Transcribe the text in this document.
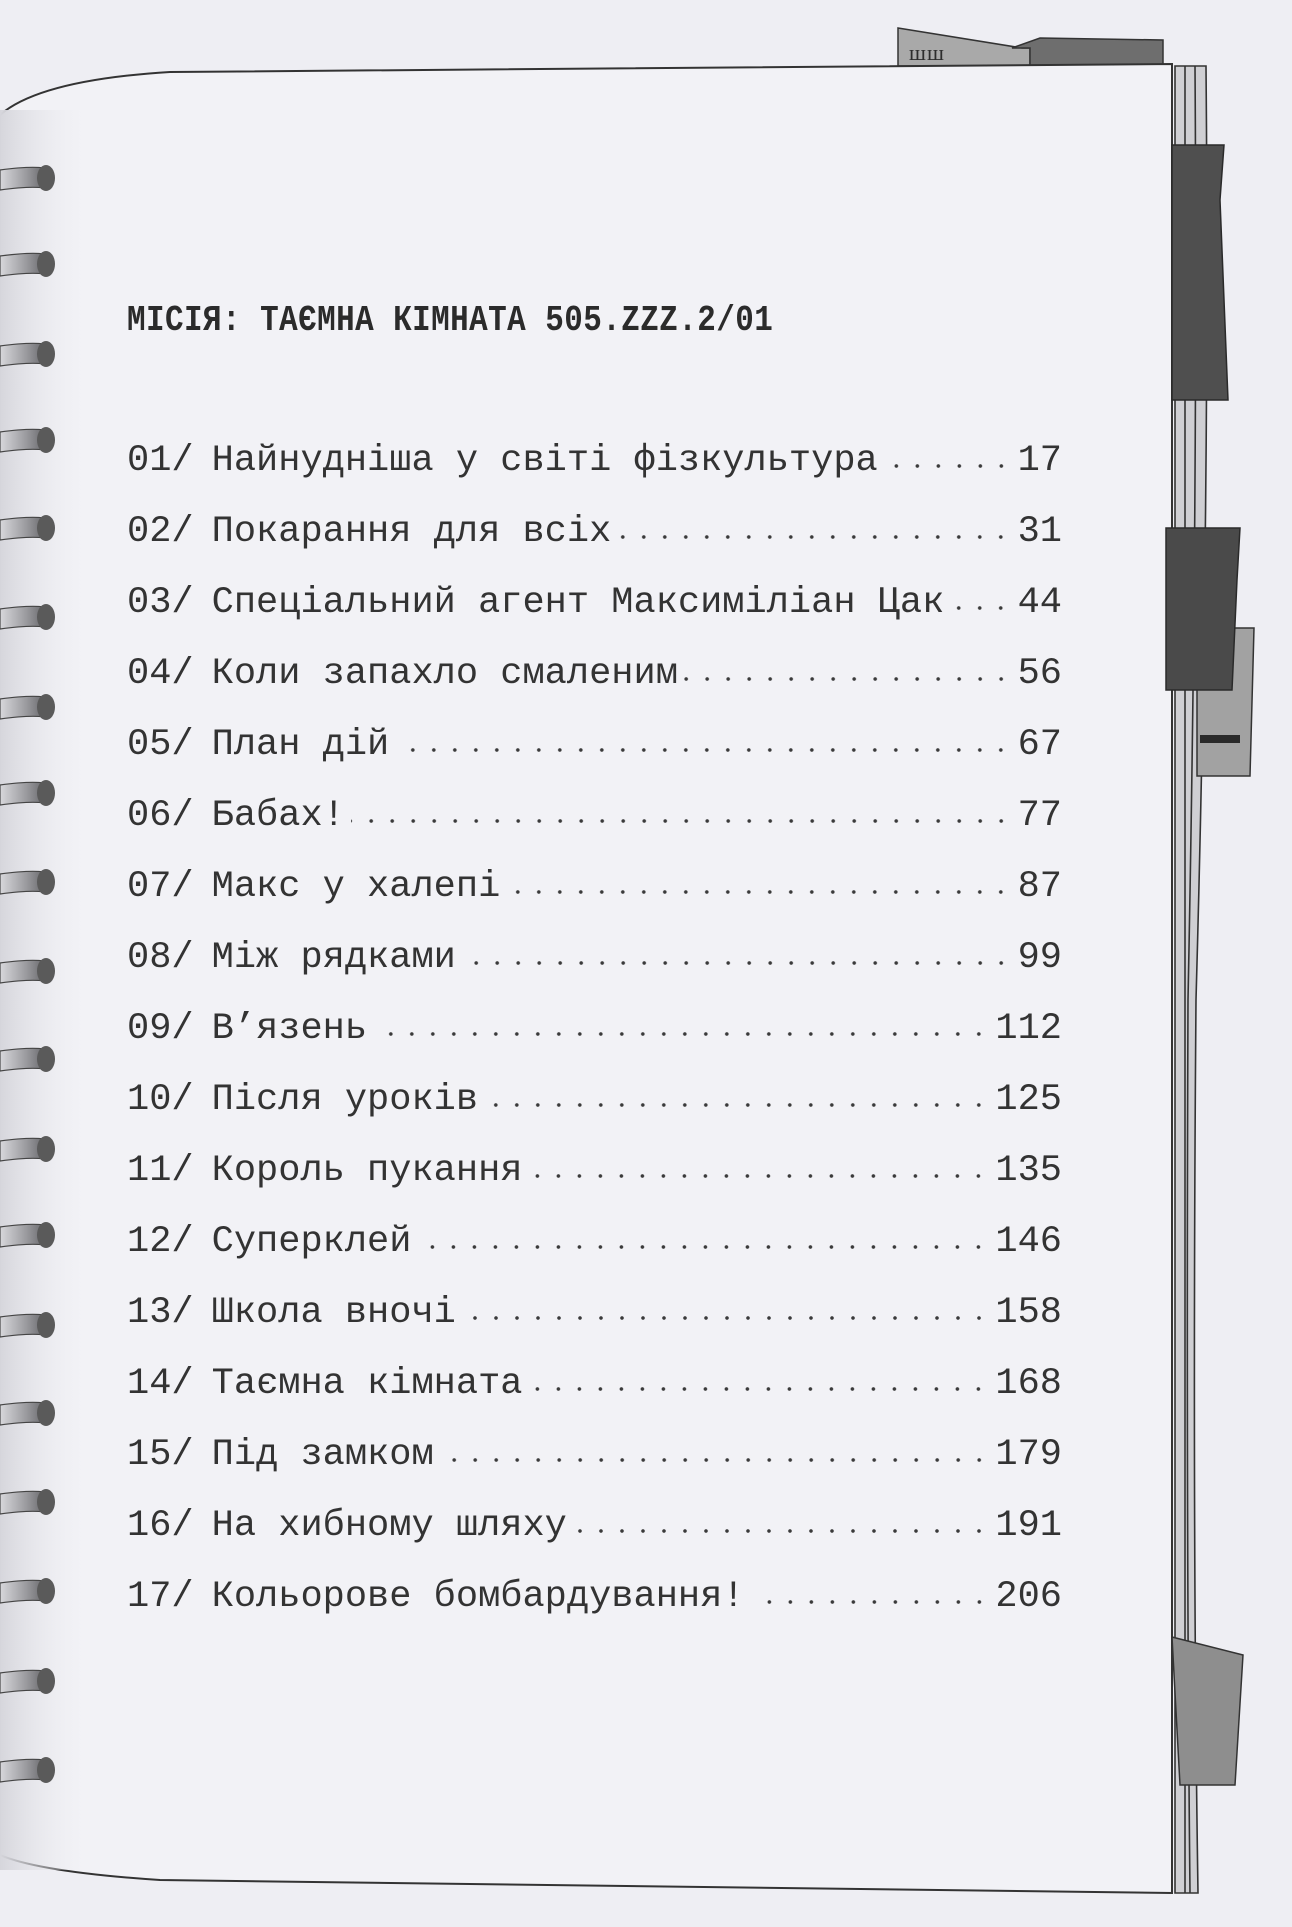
шш
МІСІЯ: ТАЄМНА КІМНАТА 505.ZZZ.2/01
01/ Найнудніша у світі фізкультура	17
02/ Покарання для всіх	31
03/ Спеціальний агент Максиміліан Цак 44
04/ Коли запахло смаленим	56
05/ План дій	67
06/ Бабах!	77
07/ Макс у халепі	87
08/ Між рядками	99
09/ В’язень	112
10/ Після уроків	125
11/ Король пукання	135
12/ Суперклей	146
13/ Школа вночі	158
14/ Таємна кімната	168
15/ Під замком	179
16/ На хибному шляху	191
17/ Кольорове бомбардування!	206
